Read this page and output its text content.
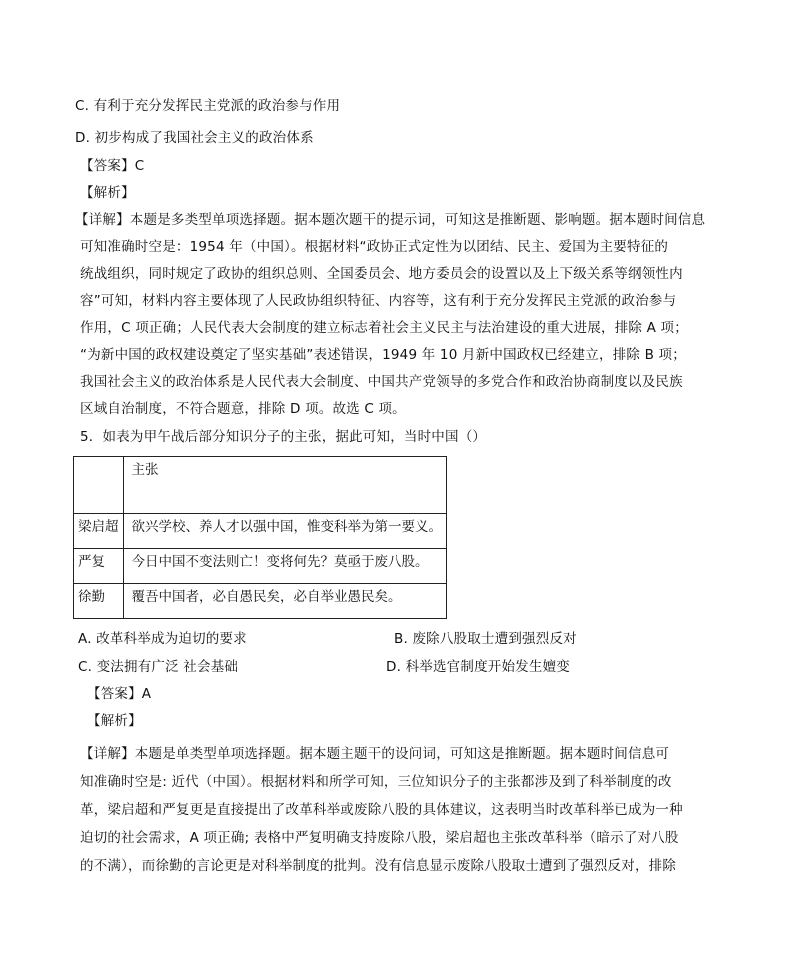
C. 有利于充分发挥民主党派的政治参与作用
D. 初步构成了我国社会主义的政治体系
【答案】C
【解析】
【详解】本题是多类型单项选择题。据本题次题干的提示词，可知这是推断题、影响题。据本题时间信息
可知准确时空是：1954 年（中国）。根据材料“政协正式定性为以团结、民主、爱国为主要特征的
统战组织，同时规定了政协的组织总则、全国委员会、地方委员会的设置以及上下级关系等纲领性内
容”可知，材料内容主要体现了人民政协组织特征、内容等，这有利于充分发挥民主党派的政治参与
作用，C 项正确；人民代表大会制度的建立标志着社会主义民主与法治建设的重大进展，排除 A 项；
“为新中国的政权建设奠定了坚实基础”表述错误，1949 年 10 月新中国政权已经建立，排除 B 项；
我国社会主义的政治体系是人民代表大会制度、中国共产党领导的多党合作和政治协商制度以及民族
区域自治制度，不符合题意，排除 D 项。故选 C 项。
5．如表为甲午战后部分知识分子的主张，据此可知，当时中国（）
	主张
梁启超	欲兴学校、养人才以强中国，惟变科举为第一要义。
严复	今日中国不变法则亡！变将何先？莫亟于废八股。
徐勤	覆吾中国者，必自愚民矣，必自举业愚民矣。
A. 改革科举成为迫切的要求	B. 废除八股取士遭到强烈反对
C. 变法拥有广泛 社会基础	D. 科举选官制度开始发生嬗变
【答案】A
【解析】
【详解】本题是单类型单项选择题。据本题主题干的设问词，可知这是推断题。据本题时间信息可
知准确时空是: 近代（中国）。根据材料和所学可知，三位知识分子的主张都涉及到了科举制度的改
革，梁启超和严复更是直接提出了改革科举或废除八股的具体建议，这表明当时改革科举已成为一种
迫切的社会需求，A 项正确; 表格中严复明确支持废除八股，梁启超也主张改革科举（暗示了对八股
的不满），而徐勤的言论更是对科举制度的批判。没有信息显示废除八股取士遭到了强烈反对，排除
